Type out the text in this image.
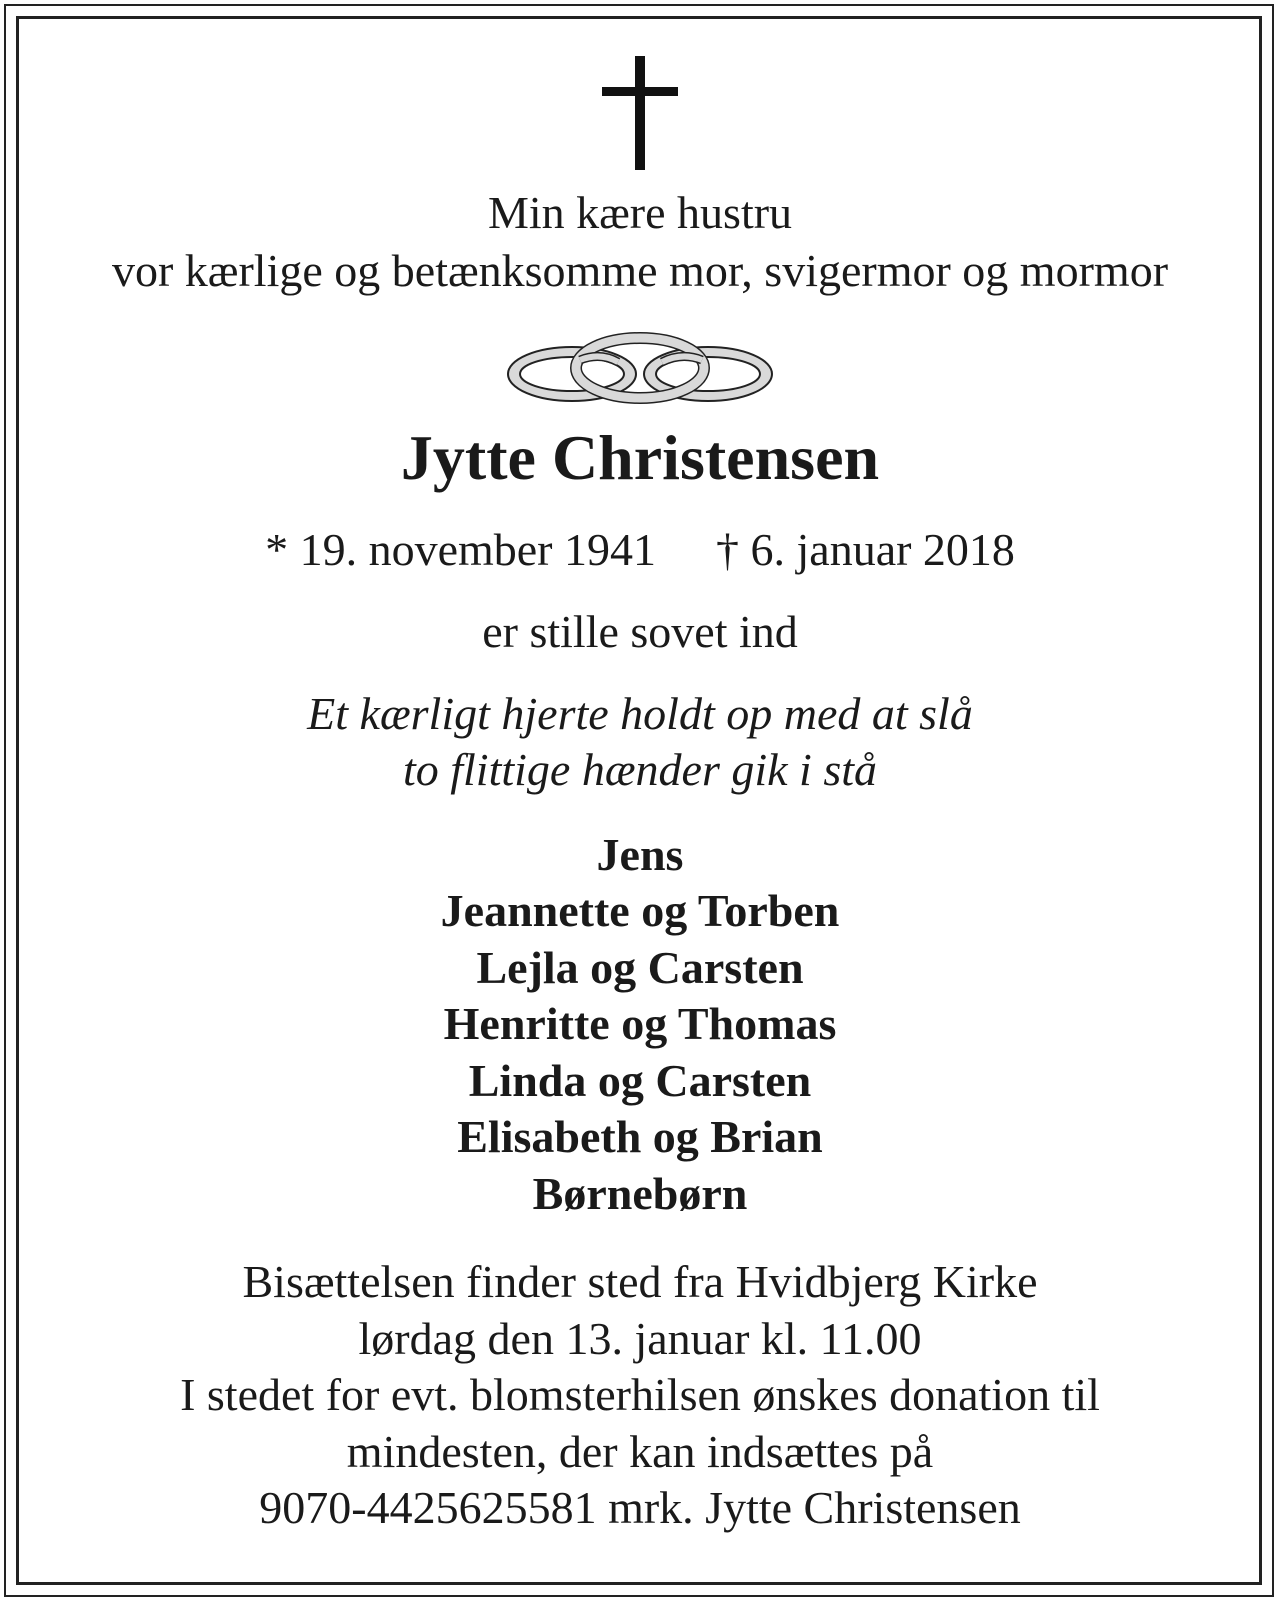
Min kære hustru
vor kærlige og betænksomme mor, svigermor og mormor
Jytte Christensen
* 19. november 1941 † 6. januar 2018
er stille sovet ind
Et kærligt hjerte holdt op med at slå
to flittige hænder gik i stå
Jens
Jeannette og Torben
Lejla og Carsten
Henritte og Thomas
Linda og Carsten
Elisabeth og Brian
Børnebørn
Bisættelsen finder sted fra Hvidbjerg Kirke
lørdag den 13. januar kl. 11.00
I stedet for evt. blomsterhilsen ønskes donation til
mindesten, der kan indsættes på
9070-4425625581 mrk. Jytte Christensen
